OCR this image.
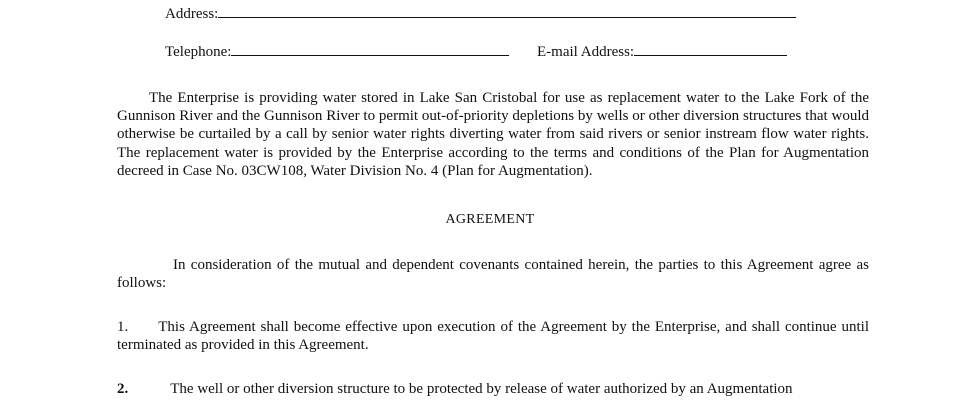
Address:
Telephone:	E-mail Address:
The Enterprise is providing water stored in Lake San Cristobal for use as replacement water to the Lake Fork of the Gunnison River and the Gunnison River to permit out-of-priority depletions by wells or other diversion structures that would otherwise be curtailed by a call by senior water rights diverting water from said rivers or senior instream flow water rights. The replacement water is provided by the Enterprise according to the terms and conditions of the Plan for Augmentation decreed in Case No. 03CW108, Water Division No. 4 (Plan for Augmentation).
AGREEMENT
In consideration of the mutual and dependent covenants contained herein, the parties to this Agreement agree as follows:
1. This Agreement shall become effective upon execution of the Agreement by the Enterprise, and shall continue until terminated as provided in this Agreement.
2.	The well or other diversion structure to be protected by release of water authorized by an Augmentation
